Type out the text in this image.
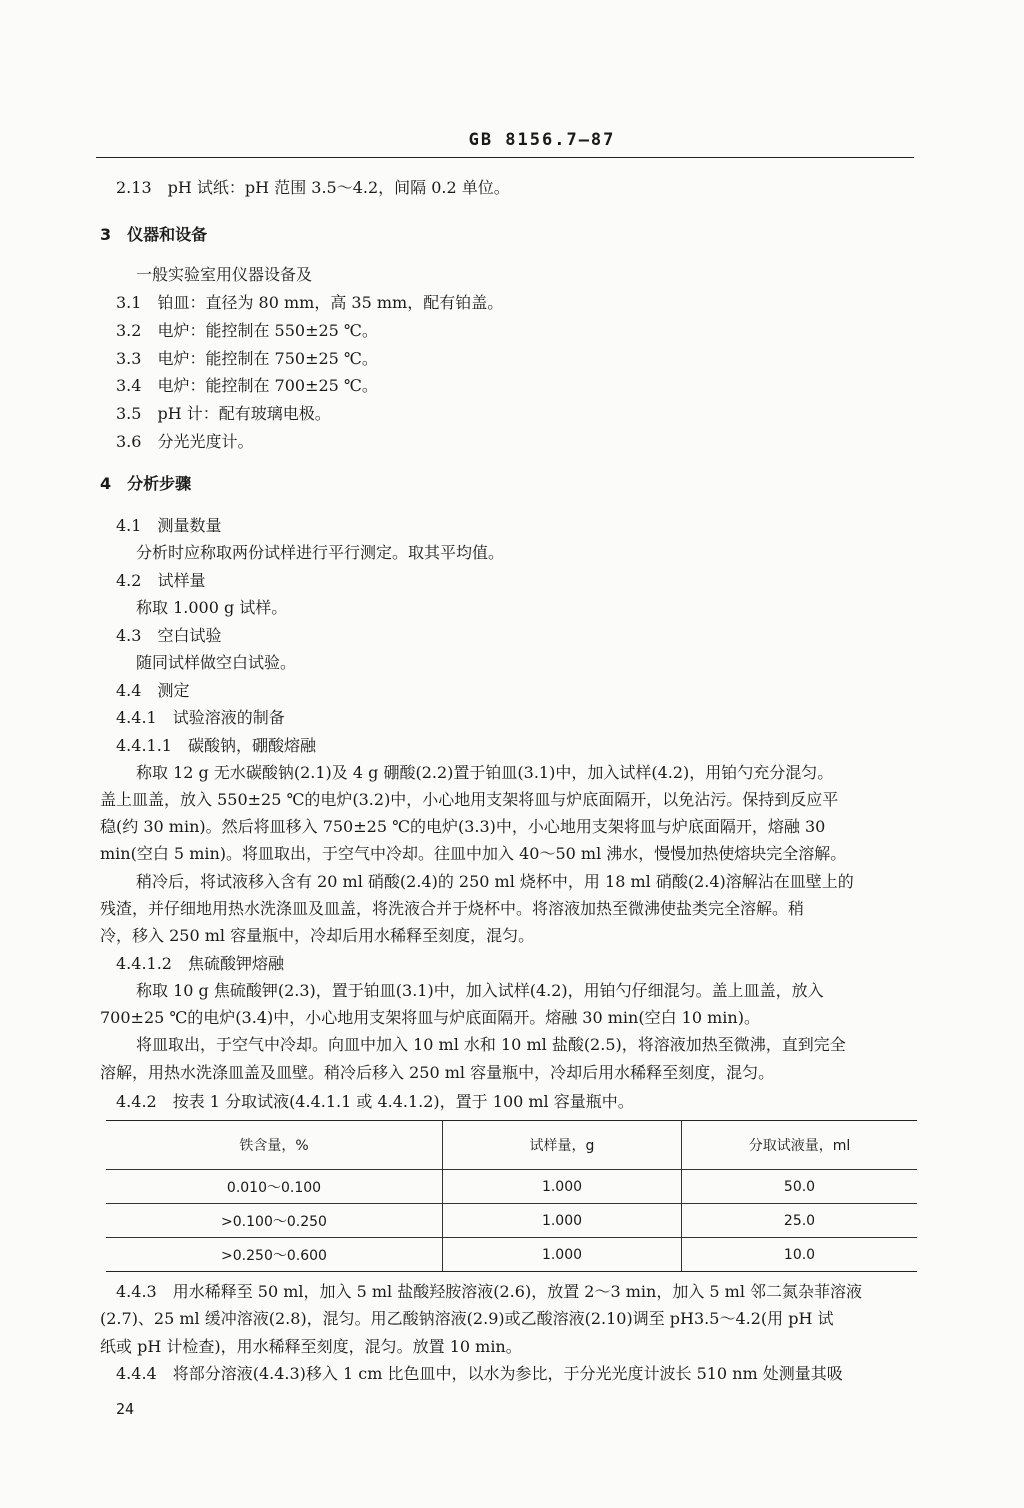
GB 8156.7—87
2.13　pH 试纸：pH 范围 3.5～4.2，间隔 0.2 单位。
3　仪器和设备
一般实验室用仪器设备及
3.1　铂皿：直径为 80 mm，高 35 mm，配有铂盖。
3.2　电炉：能控制在 550±25 ℃。
3.3　电炉：能控制在 750±25 ℃。
3.4　电炉：能控制在 700±25 ℃。
3.5　pH 计：配有玻璃电极。
3.6　分光光度计。
4　分析步骤
4.1　测量数量
分析时应称取两份试样进行平行测定。取其平均值。
4.2　试样量
称取 1.000 g 试样。
4.3　空白试验
随同试样做空白试验。
4.4　测定
4.4.1　试验溶液的制备
4.4.1.1　碳酸钠，硼酸熔融
称取 12 g 无水碳酸钠(2.1)及 4 g 硼酸(2.2)置于铂皿(3.1)中，加入试样(4.2)，用铂勺充分混匀。
盖上皿盖，放入 550±25 ℃的电炉(3.2)中，小心地用支架将皿与炉底面隔开，以免沾污。保持到反应平
稳(约 30 min)。然后将皿移入 750±25 ℃的电炉(3.3)中，小心地用支架将皿与炉底面隔开，熔融 30
min(空白 5 min)。将皿取出，于空气中冷却。往皿中加入 40～50 ml 沸水，慢慢加热使熔块完全溶解。
稍冷后，将试液移入含有 20 ml 硝酸(2.4)的 250 ml 烧杯中，用 18 ml 硝酸(2.4)溶解沾在皿壁上的
残渣，并仔细地用热水洗涤皿及皿盖，将洗液合并于烧杯中。将溶液加热至微沸使盐类完全溶解。稍
冷，移入 250 ml 容量瓶中，冷却后用水稀释至刻度，混匀。
4.4.1.2　焦硫酸钾熔融
称取 10 g 焦硫酸钾(2.3)，置于铂皿(3.1)中，加入试样(4.2)，用铂勺仔细混匀。盖上皿盖，放入
700±25 ℃的电炉(3.4)中，小心地用支架将皿与炉底面隔开。熔融 30 min(空白 10 min)。
将皿取出，于空气中冷却。向皿中加入 10 ml 水和 10 ml 盐酸(2.5)，将溶液加热至微沸，直到完全
溶解，用热水洗涤皿盖及皿壁。稍冷后移入 250 ml 容量瓶中，冷却后用水稀释至刻度，混匀。
4.4.2　按表 1 分取试液(4.4.1.1 或 4.4.1.2)，置于 100 ml 容量瓶中。
铁含量，%	试样量，g	分取试液量，ml
0.010～0.100	1.000	50.0
>0.100～0.250	1.000	25.0
>0.250～0.600	1.000	10.0
4.4.3　用水稀释至 50 ml，加入 5 ml 盐酸羟胺溶液(2.6)，放置 2～3 min，加入 5 ml 邻二氮杂菲溶液
(2.7)、25 ml 缓冲溶液(2.8)，混匀。用乙酸钠溶液(2.9)或乙酸溶液(2.10)调至 pH3.5～4.2(用 pH 试
纸或 pH 计检查)，用水稀释至刻度，混匀。放置 10 min。
4.4.4　将部分溶液(4.4.3)移入 1 cm 比色皿中，以水为参比，于分光光度计波长 510 nm 处测量其吸
24
